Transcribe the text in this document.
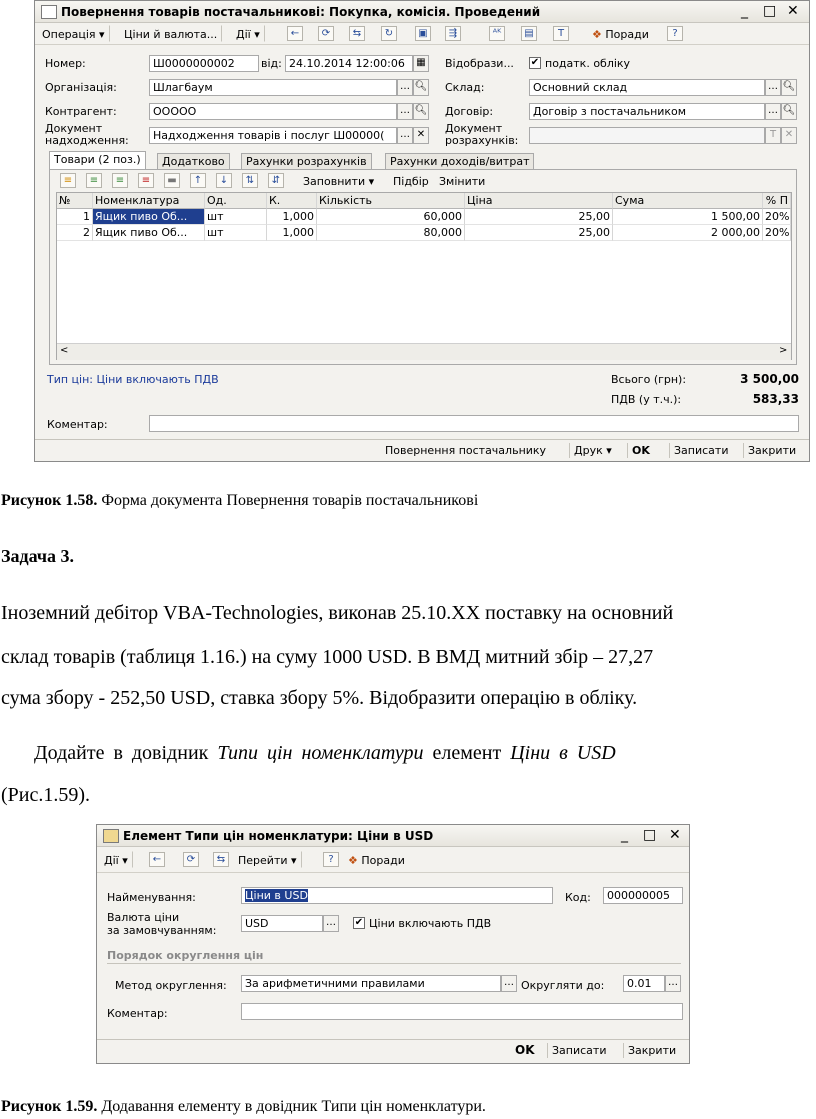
Повернення товарів постачальникові: Покупка, комісія. Проведений	_ □ ✕
Операція ▾	Ціни й валюта...	Дії ▾	←	⟳	⇆	↻	▣	⇶	ᴬᴷ	▤	T	❖ Поради	?
Номер:	Ш0000000002	від: 24.10.2014 12:00:06	▦ Відобрази... ✔ податк. обліку
Організація:	Шлагбаум	… 🔍︎ Склад:	Основний склад	… 🔍︎
Контрагент:	ООООО	… 🔍︎ Договір:	Договір з постачальником	… 🔍︎
Документ
надходження:	Надходження товарів і послуг Ш00000(	… ✕	Документ
розрахунків:	T ✕
Товари (2 поз.)	Додатково	Рахунки розрахунків	Рахунки доходів/витрат
≡	≡	≡	≡	▬	↑	↓	⇅	⇵	Заповнити ▾	Підбір Змінити
№	Номенклатура	Од.	К.	Кількість	Ціна	Сума	% П
1 Ящик пиво Об...	шт	1,000	60,000	25,00	1 500,00 20%
2 Ящик пиво Об...	шт	1,000	80,000	25,00	2 000,00 20%
<	>
Тип цін: Ціни включають ПДВ	Всього (грн):	3 500,00
ПДВ (у т.ч.):	583,33
Коментар:
Повернення постачальнику	Друк ▾	OK	Записати	Закрити
Рисунок 1.58. Форма документа Повернення товарів постачальникові
Задача 3.
Іноземний дебітор VBA-Technologies, виконав 25.10.ХХ поставку на основний
склад товарів (таблиця 1.16.) на суму 1000 USD. В ВМД митний збір – 27,27
сума збору - 252,50 USD, ставка збору 5%. Відобразити операцію в обліку.
Додайте в довідник Типи цін номенклатури елемент Ціни в USD
(Рис.1.59).
Елемент Типи цін номенклатури: Ціни в USD	_ □ ✕
Дії ▾	←	⟳	⇆	Перейти ▾	?	❖ Поради
Найменування:	Ціни в USD	Код:	000000005
Валюта ціни
за замовчуванням:
USD	…	✔ Ціни включають ПДВ
Порядок округлення цін
Метод округлення:	За арифметичними правилами	… Округляти до:	0.01	…
Коментар:
OK	Записати	Закрити
Рисунок 1.59. Додавання елементу в довідник Типи цін номенклатури.
